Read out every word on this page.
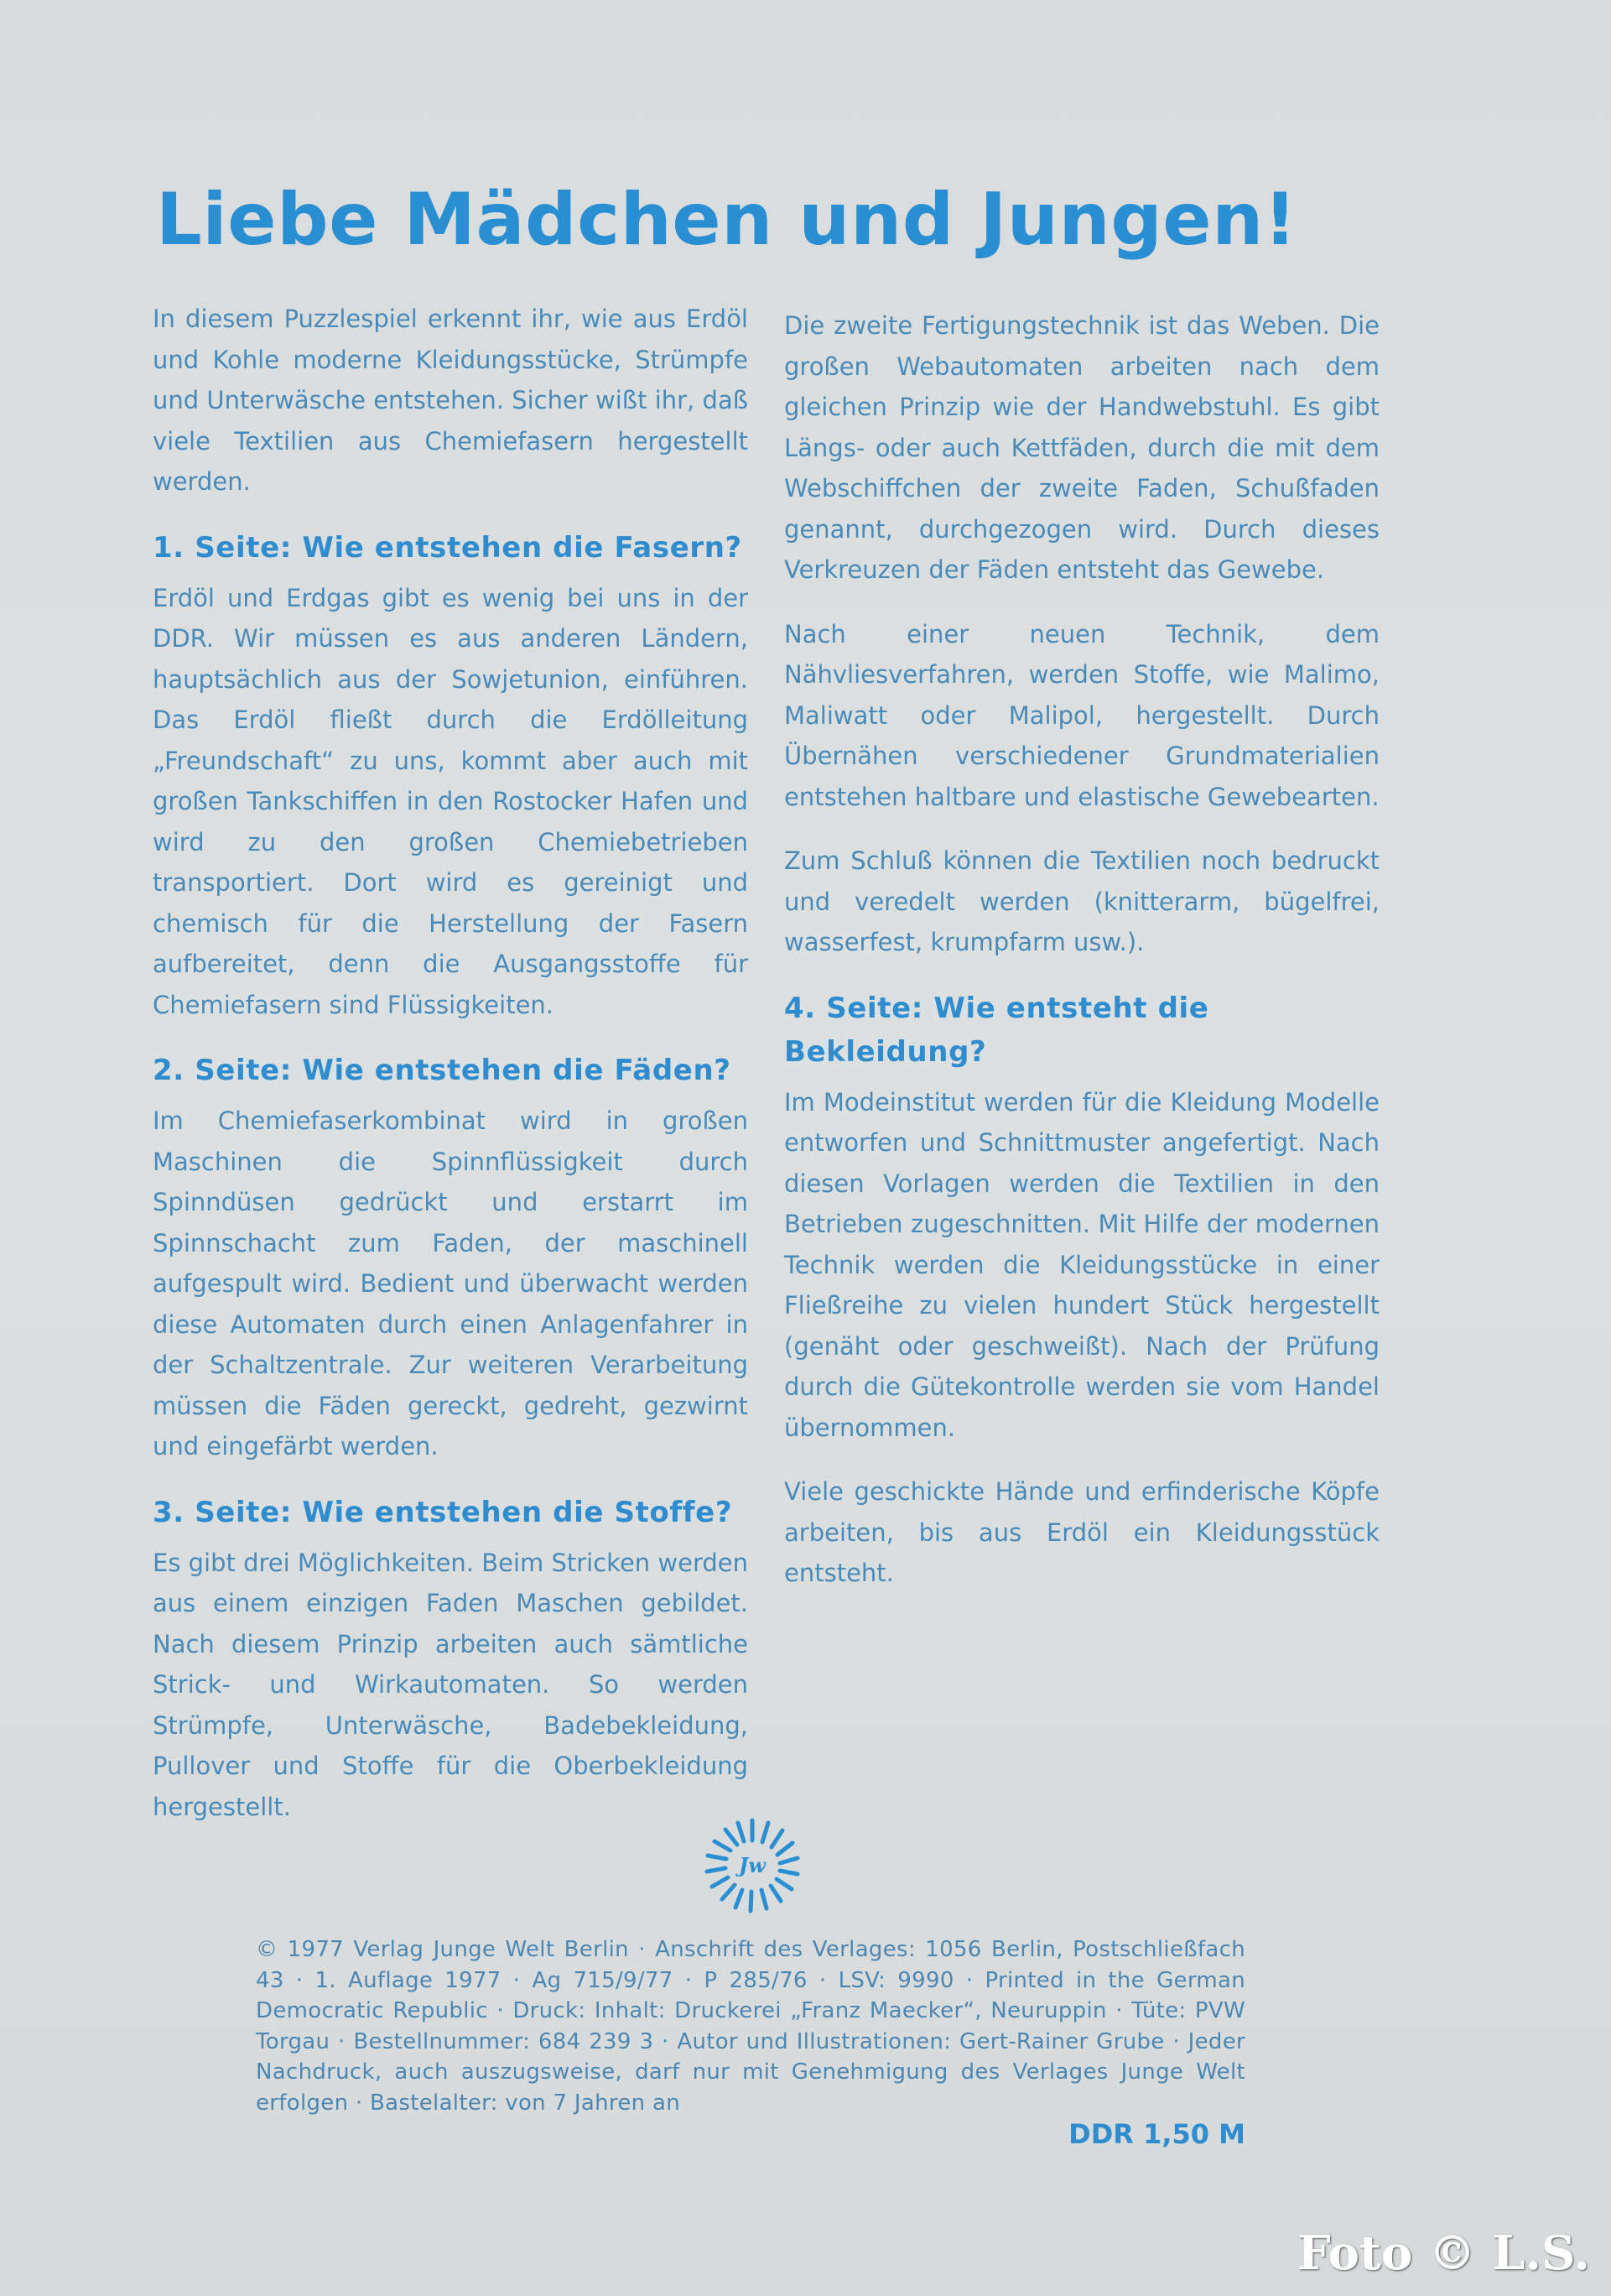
Liebe Mädchen und Jungen!

In diesem Puzzlespiel erkennt ihr, wie aus Erdöl und Kohle moderne Kleidungsstücke, Strümpfe und Unterwäsche entstehen. Sicher wißt ihr, daß viele Textilien aus Chemiefasern hergestellt werden.

1. Seite: Wie entstehen die Fasern?

Erdöl und Erdgas gibt es wenig bei uns in der DDR. Wir müssen es aus anderen Ländern, hauptsächlich aus der Sowjetunion, einführen. Das Erdöl fließt durch die Erdölleitung „Freundschaft“ zu uns, kommt aber auch mit großen Tankschiffen in den Rostocker Hafen und wird zu den großen Chemiebetrieben transportiert. Dort wird es gereinigt und chemisch für die Herstellung der Fasern aufbereitet, denn die Ausgangsstoffe für Chemiefasern sind Flüssigkeiten.

2. Seite: Wie entstehen die Fäden?

Im Chemiefaserkombinat wird in großen Maschinen die Spinnflüssigkeit durch Spinndüsen gedrückt und erstarrt im Spinnschacht zum Faden, der maschinell aufgespult wird. Bedient und überwacht werden diese Automaten durch einen Anlagenfahrer in der Schaltzentrale. Zur weiteren Verarbeitung müssen die Fäden gereckt, gedreht, gezwirnt und eingefärbt werden.

3. Seite: Wie entstehen die Stoffe?

Es gibt drei Möglichkeiten. Beim Stricken werden aus einem einzigen Faden Maschen gebildet. Nach diesem Prinzip arbeiten auch sämtliche Strick- und Wirkautomaten. So werden Strümpfe, Unterwäsche, Badebekleidung, Pullover und Stoffe für die Oberbekleidung hergestellt.

Die zweite Fertigungstechnik ist das Weben. Die großen Webautomaten arbeiten nach dem gleichen Prinzip wie der Handwebstuhl. Es gibt Längs- oder auch Kettfäden, durch die mit dem Webschiffchen der zweite Faden, Schußfaden genannt, durchgezogen wird. Durch dieses Verkreuzen der Fäden entsteht das Gewebe.

Nach einer neuen Technik, dem Nähvliesverfahren, werden Stoffe, wie Malimo, Maliwatt oder Malipol, hergestellt. Durch Übernähen verschiedener Grundmaterialien entstehen haltbare und elastische Gewebearten.

Zum Schluß können die Textilien noch bedruckt und veredelt werden (knitterarm, bügelfrei, wasserfest, krumpfarm usw.).

4. Seite: Wie entsteht die Bekleidung?

Im Modeinstitut werden für die Kleidung Modelle entworfen und Schnittmuster angefertigt. Nach diesen Vorlagen werden die Textilien in den Betrieben zugeschnitten. Mit Hilfe der modernen Technik werden die Kleidungsstücke in einer Fließreihe zu vielen hundert Stück hergestellt (genäht oder geschweißt). Nach der Prüfung durch die Gütekontrolle werden sie vom Handel übernommen.

Viele geschickte Hände und erfinderische Köpfe arbeiten, bis aus Erdöl ein Kleidungsstück entsteht.

Jw
© 1977 Verlag Junge Welt Berlin · Anschrift des Verlages: 1056 Berlin, Postschließfach 43 · 1. Auflage 1977 · Ag 715/9/77 · P 285/76 · LSV: 9990 · Printed in the German Democratic Republic · Druck: Inhalt: Druckerei „Franz Maecker“, Neuruppin · Tüte: PVW Torgau · Bestellnummer: 684 239 3 · Autor und Illustrationen: Gert-Rainer Grube · Jeder Nachdruck, auch auszugsweise, darf nur mit Genehmigung des Verlages Junge Welt erfolgen · Bastelalter: von 7 Jahren an
DDR 1,50 M
Foto © L.S.
